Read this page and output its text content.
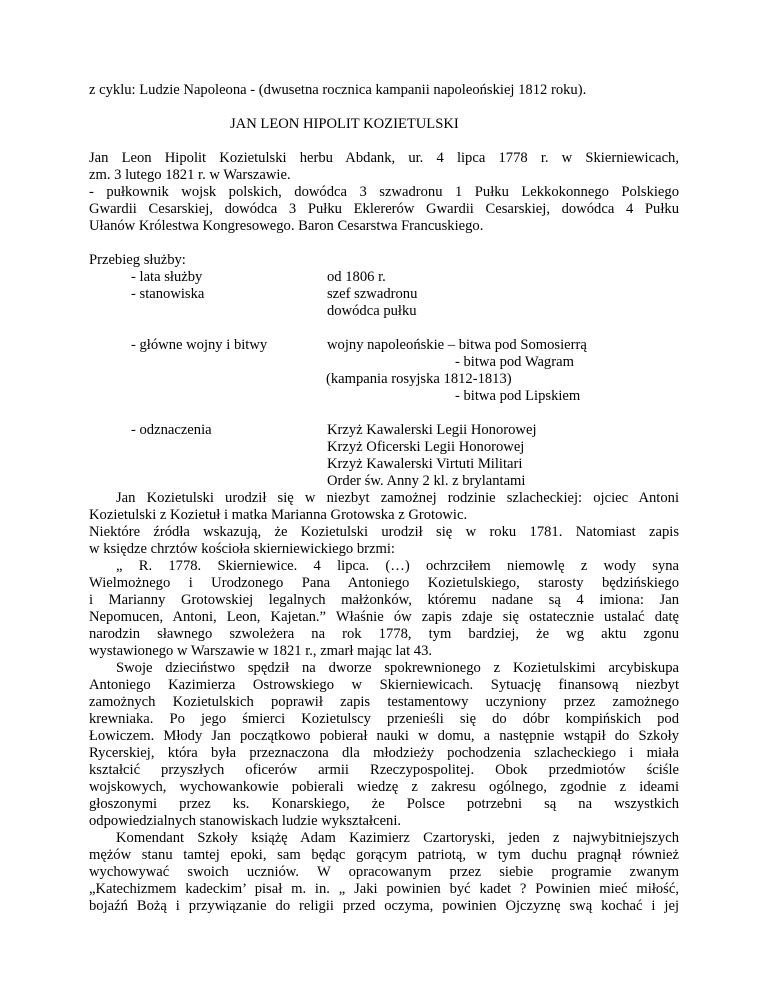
z cyklu: Ludzie Napoleona - (dwusetna rocznica kampanii napoleońskiej 1812 roku).
JAN LEON HIPOLIT KOZIETULSKI
Jan Leon Hipolit Kozietulski herbu Abdank, ur. 4 lipca 1778 r. w Skierniewicach,
zm. 3 lutego 1821 r. w Warszawie.
- pułkownik wojsk polskich, dowódca 3 szwadronu 1 Pułku Lekkokonnego Polskiego
Gwardii Cesarskiej, dowódca 3 Pułku Eklererów Gwardii Cesarskiej, dowódca 4 Pułku
Ułanów Królestwa Kongresowego. Baron Cesarstwa Francuskiego.
Przebieg służby:
- lata służby	od 1806 r.
- stanowiska	szef szwadronu
dowódca pułku
- główne wojny i bitwy	wojny napoleońskie – bitwa pod Somosierrą
- bitwa pod Wagram
(kampania rosyjska 1812-1813)
- bitwa pod Lipskiem
- odznaczenia	Krzyż Kawalerski Legii Honorowej
Krzyż Oficerski Legii Honorowej
Krzyż Kawalerski Virtuti Militari
Order św. Anny 2 kl. z brylantami
Jan Kozietulski urodził się w niezbyt zamożnej rodzinie szlacheckiej: ojciec Antoni
Kozietulski z Kozietuł i matka Marianna Grotowska z Grotowic.
Niektóre źródła wskazują, że Kozietulski urodził się w roku 1781. Natomiast zapis
w księdze chrztów kościoła skierniewickiego brzmi:
„ R. 1778. Skierniewice. 4 lipca. (…) ochrzciłem niemowlę z wody syna
Wielmożnego i Urodzonego Pana Antoniego Kozietulskiego, starosty będzińskiego
i Marianny Grotowskiej legalnych małżonków, któremu nadane są 4 imiona: Jan
Nepomucen, Antoni, Leon, Kajetan.” Właśnie ów zapis zdaje się ostatecznie ustalać datę
narodzin sławnego szwoleżera na rok 1778, tym bardziej, że wg aktu zgonu
wystawionego w Warszawie w 1821 r., zmarł mając lat 43.
Swoje dzieciństwo spędził na dworze spokrewnionego z Kozietulskimi arcybiskupa
Antoniego Kazimierza Ostrowskiego w Skierniewicach. Sytuację finansową niezbyt
zamożnych Kozietulskich poprawił zapis testamentowy uczyniony przez zamożnego
krewniaka. Po jego śmierci Kozietulscy przenieśli się do dóbr kompińskich pod
Łowiczem. Młody Jan początkowo pobierał nauki w domu, a następnie wstąpił do Szkoły
Rycerskiej, która była przeznaczona dla młodzieży pochodzenia szlacheckiego i miała
kształcić przyszłych oficerów armii Rzeczypospolitej. Obok przedmiotów ściśle
wojskowych, wychowankowie pobierali wiedzę z zakresu ogólnego, zgodnie z ideami
głoszonymi przez ks. Konarskiego, że Polsce potrzebni są na wszystkich
odpowiedzialnych stanowiskach ludzie wykształceni.
Komendant Szkoły książę Adam Kazimierz Czartoryski, jeden z najwybitniejszych
mężów stanu tamtej epoki, sam będąc gorącym patriotą, w tym duchu pragnął również
wychowywać swoich uczniów. W opracowanym przez siebie programie zwanym
„Katechizmem kadeckim’ pisał m. in. „ Jaki powinien być kadet ? Powinien mieć miłość,
bojaźń Bożą i przywiązanie do religii przed oczyma, powinien Ojczyznę swą kochać i jej
